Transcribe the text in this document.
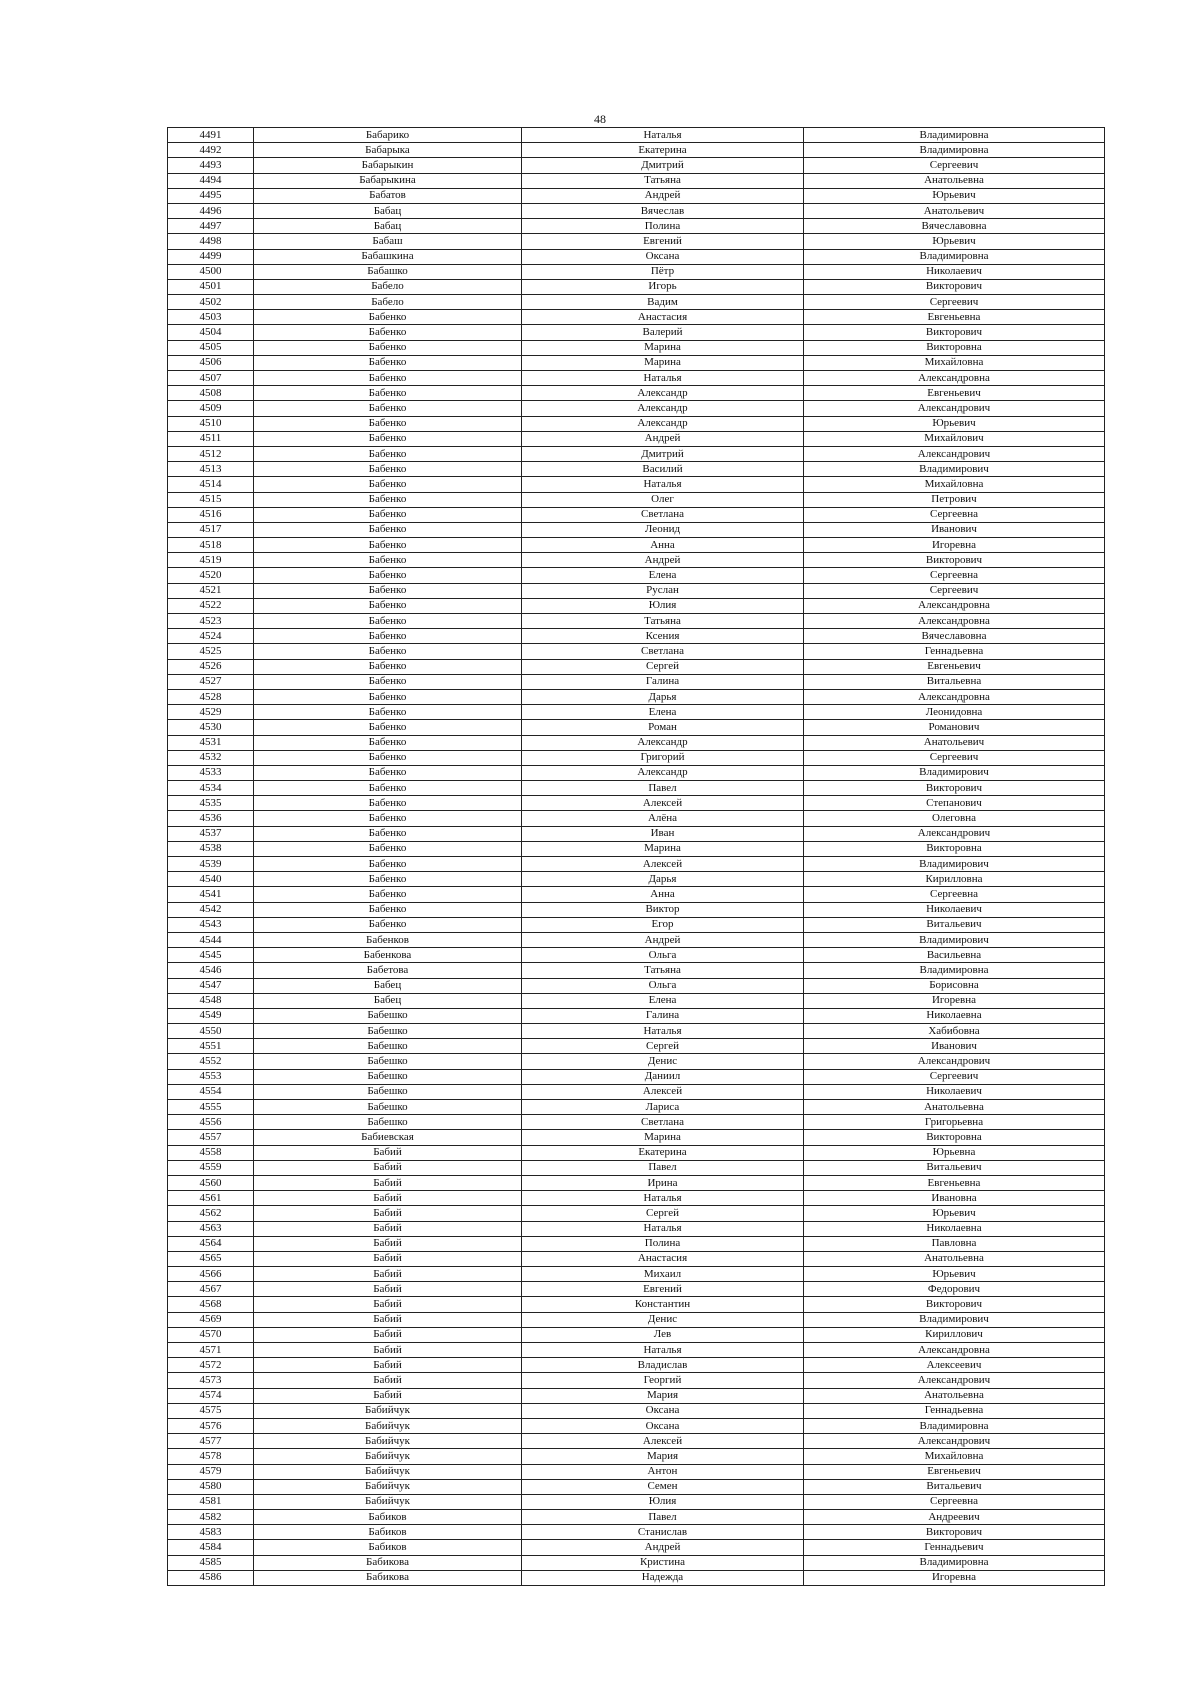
48
4491	Бабарико	Наталья	Владимировна
4492	Бабарыка	Екатерина	Владимировна
4493	Бабарыкин	Дмитрий	Сергеевич
4494	Бабарыкина	Татьяна	Анатольевна
4495	Бабатов	Андрей	Юрьевич
4496	Бабац	Вячеслав	Анатольевич
4497	Бабац	Полина	Вячеславовна
4498	Бабаш	Евгений	Юрьевич
4499	Бабашкина	Оксана	Владимировна
4500	Бабашко	Пётр	Николаевич
4501	Бабело	Игорь	Викторович
4502	Бабело	Вадим	Сергеевич
4503	Бабенко	Анастасия	Евгеньевна
4504	Бабенко	Валерий	Викторович
4505	Бабенко	Марина	Викторовна
4506	Бабенко	Марина	Михайловна
4507	Бабенко	Наталья	Александровна
4508	Бабенко	Александр	Евгеньевич
4509	Бабенко	Александр	Александрович
4510	Бабенко	Александр	Юрьевич
4511	Бабенко	Андрей	Михайлович
4512	Бабенко	Дмитрий	Александрович
4513	Бабенко	Василий	Владимирович
4514	Бабенко	Наталья	Михайловна
4515	Бабенко	Олег	Петрович
4516	Бабенко	Светлана	Сергеевна
4517	Бабенко	Леонид	Иванович
4518	Бабенко	Анна	Игоревна
4519	Бабенко	Андрей	Викторович
4520	Бабенко	Елена	Сергеевна
4521	Бабенко	Руслан	Сергеевич
4522	Бабенко	Юлия	Александровна
4523	Бабенко	Татьяна	Александровна
4524	Бабенко	Ксения	Вячеславовна
4525	Бабенко	Светлана	Геннадьевна
4526	Бабенко	Сергей	Евгеньевич
4527	Бабенко	Галина	Витальевна
4528	Бабенко	Дарья	Александровна
4529	Бабенко	Елена	Леонидовна
4530	Бабенко	Роман	Романович
4531	Бабенко	Александр	Анатольевич
4532	Бабенко	Григорий	Сергеевич
4533	Бабенко	Александр	Владимирович
4534	Бабенко	Павел	Викторович
4535	Бабенко	Алексей	Степанович
4536	Бабенко	Алёна	Олеговна
4537	Бабенко	Иван	Александрович
4538	Бабенко	Марина	Викторовна
4539	Бабенко	Алексей	Владимирович
4540	Бабенко	Дарья	Кирилловна
4541	Бабенко	Анна	Сергеевна
4542	Бабенко	Виктор	Николаевич
4543	Бабенко	Егор	Витальевич
4544	Бабенков	Андрей	Владимирович
4545	Бабенкова	Ольга	Васильевна
4546	Бабетова	Татьяна	Владимировна
4547	Бабец	Ольга	Борисовна
4548	Бабец	Елена	Игоревна
4549	Бабешко	Галина	Николаевна
4550	Бабешко	Наталья	Хабибовна
4551	Бабешко	Сергей	Иванович
4552	Бабешко	Денис	Александрович
4553	Бабешко	Даниил	Сергеевич
4554	Бабешко	Алексей	Николаевич
4555	Бабешко	Лариса	Анатольевна
4556	Бабешко	Светлана	Григорьевна
4557	Бабиевская	Марина	Викторовна
4558	Бабий	Екатерина	Юрьевна
4559	Бабий	Павел	Витальевич
4560	Бабий	Ирина	Евгеньевна
4561	Бабий	Наталья	Ивановна
4562	Бабий	Сергей	Юрьевич
4563	Бабий	Наталья	Николаевна
4564	Бабий	Полина	Павловна
4565	Бабий	Анастасия	Анатольевна
4566	Бабий	Михаил	Юрьевич
4567	Бабий	Евгений	Федорович
4568	Бабий	Константин	Викторович
4569	Бабий	Денис	Владимирович
4570	Бабий	Лев	Кириллович
4571	Бабий	Наталья	Александровна
4572	Бабий	Владислав	Алексеевич
4573	Бабий	Георгий	Александрович
4574	Бабий	Мария	Анатольевна
4575	Бабийчук	Оксана	Геннадьевна
4576	Бабийчук	Оксана	Владимировна
4577	Бабийчук	Алексей	Александрович
4578	Бабийчук	Мария	Михайловна
4579	Бабийчук	Антон	Евгеньевич
4580	Бабийчук	Семен	Витальевич
4581	Бабийчук	Юлия	Сергеевна
4582	Бабиков	Павел	Андреевич
4583	Бабиков	Станислав	Викторович
4584	Бабиков	Андрей	Геннадьевич
4585	Бабикова	Кристина	Владимировна
4586	Бабикова	Надежда	Игоревна
